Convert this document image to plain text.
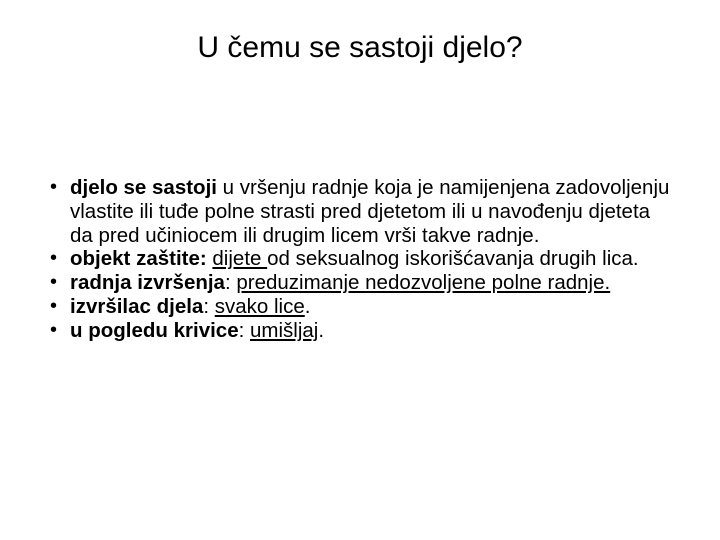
U čemu se sastoji djelo?
• djelo se sastoji u vršenju radnje koja je namijenjena zadovoljenju vlastite ili tuđe polne strasti pred djetetom ili u navođenju djeteta da pred učiniocem ili drugim licem vrši takve radnje.
• objekt zaštite: dijete od seksualnog iskorišćavanja drugih lica.
• radnja izvršenja: preduzimanje nedozvoljene polne radnje.
• izvršilac djela: svako lice.
• u pogledu krivice: umišljaj.
